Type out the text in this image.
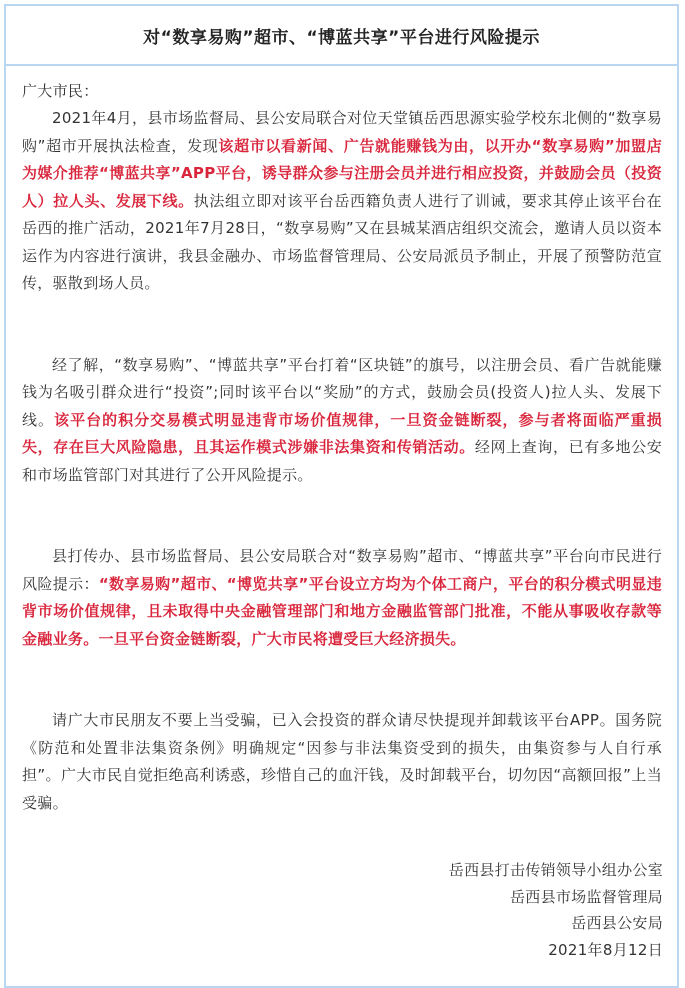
对“数享易购”超市、“博蓝共享”平台进行风险提示

广大市民：

2021年4月，县市场监督局、县公安局联合对位天堂镇岳西思源实验学校东北侧的“数享易购”超市开展执法检查，发现该超市以看新闻、广告就能赚钱为由，以开办“数享易购”加盟店为媒介推荐“博蓝共享”APP平台，诱导群众参与注册会员并进行相应投资，并鼓励会员（投资人）拉人头、发展下线。执法组立即对该平台岳西籍负责人进行了训诫，要求其停止该平台在岳西的推广活动，2021年7月28日，“数享易购”又在县城某酒店组织交流会，邀请人员以资本运作为内容进行演讲，我县金融办、市场监督管理局、公安局派员予制止，开展了预警防范宣传，驱散到场人员。

经了解，“数享易购”、“博蓝共享”平台打着“区块链”的旗号，以注册会员、看广告就能赚钱为名吸引群众进行“投资”;同时该平台以“奖励”的方式，鼓励会员(投资人)拉人头、发展下线。该平台的积分交易模式明显违背市场价值规律，一旦资金链断裂，参与者将面临严重损失，存在巨大风险隐患，且其运作模式涉嫌非法集资和传销活动。经网上查询，已有多地公安和市场监管部门对其进行了公开风险提示。

县打传办、县市场监督局、县公安局联合对“数享易购”超市、“博蓝共享”平台向市民进行风险提示：“数享易购”超市、“博览共享”平台设立方均为个体工商户，平台的积分模式明显违背市场价值规律，且未取得中央金融管理部门和地方金融监管部门批准，不能从事吸收存款等金融业务。一旦平台资金链断裂，广大市民将遭受巨大经济损失。

请广大市民朋友不要上当受骗，已入会投资的群众请尽快提现并卸载该平台APP。国务院《防范和处置非法集资条例》明确规定“因参与非法集资受到的损失，由集资参与人自行承担”。广大市民自觉拒绝高利诱惑，珍惜自己的血汗钱，及时卸载平台，切勿因“高额回报”上当受骗。

岳西县打击传销领导小组办公室
岳西县市场监督管理局
岳西县公安局
2021年8月12日
